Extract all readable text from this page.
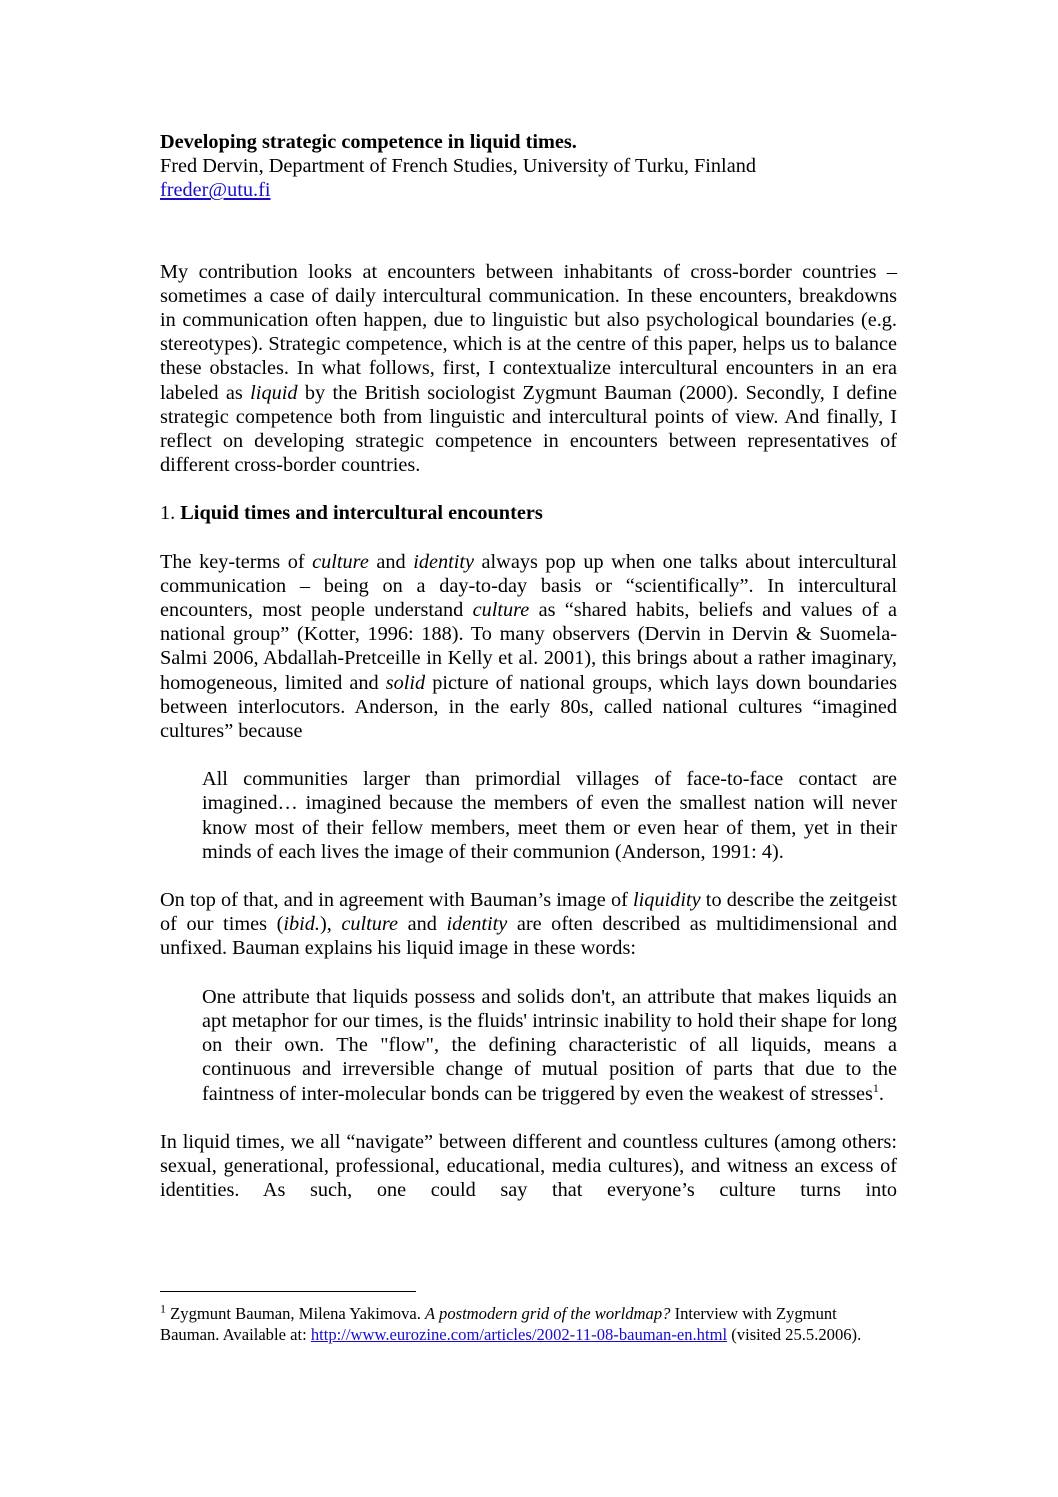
Developing strategic competence in liquid times.

Fred Dervin, Department of French Studies, University of Turku, Finland

freder@utu.fi

My contribution looks at encounters between inhabitants of cross-border countries – sometimes a case of daily intercultural communication. In these encounters, breakdowns in communication often happen, due to linguistic but also psychological boundaries (e.g. stereotypes). Strategic competence, which is at the centre of this paper, helps us to balance these obstacles. In what follows, first, I contextualize intercultural encounters in an era labeled as liquid by the British sociologist Zygmunt Bauman (2000). Secondly, I define strategic competence both from linguistic and intercultural points of view. And finally, I reflect on developing strategic competence in encounters between representatives of different cross-border countries.

1. Liquid times and intercultural encounters

The key-terms of culture and identity always pop up when one talks about intercultural communication – being on a day-to-day basis or “scientifically”. In intercultural encounters, most people understand culture as “shared habits, beliefs and values of a national group” (Kotter, 1996: 188). To many observers (Dervin in Dervin & Suomela-Salmi 2006, Abdallah-Pretceille in Kelly et al. 2001), this brings about a rather imaginary, homogeneous, limited and solid picture of national groups, which lays down boundaries between interlocutors. Anderson, in the early 80s, called national cultures “imagined cultures” because

All communities larger than primordial villages of face-to-face contact are imagined… imagined because the members of even the smallest nation will never know most of their fellow members, meet them or even hear of them, yet in their minds of each lives the image of their communion (Anderson, 1991: 4).

On top of that, and in agreement with Bauman’s image of liquidity to describe the zeitgeist of our times (ibid.), culture and identity are often described as multidimensional and unfixed. Bauman explains his liquid image in these words:

One attribute that liquids possess and solids don't, an attribute that makes liquids an apt metaphor for our times, is the fluids' intrinsic inability to hold their shape for long on their own. The "flow", the defining characteristic of all liquids, means a continuous and irreversible change of mutual position of parts that due to the faintness of inter-molecular bonds can be triggered by even the weakest of stresses$^1$.

In liquid times, we all “navigate” between different and countless cultures (among others: sexual, generational, professional, educational, media cultures), and witness an excess of identities. As such, one could say that everyone’s culture turns into

$^1$ Zygmunt Bauman, Milena Yakimova. A postmodern grid of the worldmap? Interview with Zygmunt Bauman. Available at: http://www.eurozine.com/articles/2002-11-08-bauman-en.html (visited 25.5.2006).
